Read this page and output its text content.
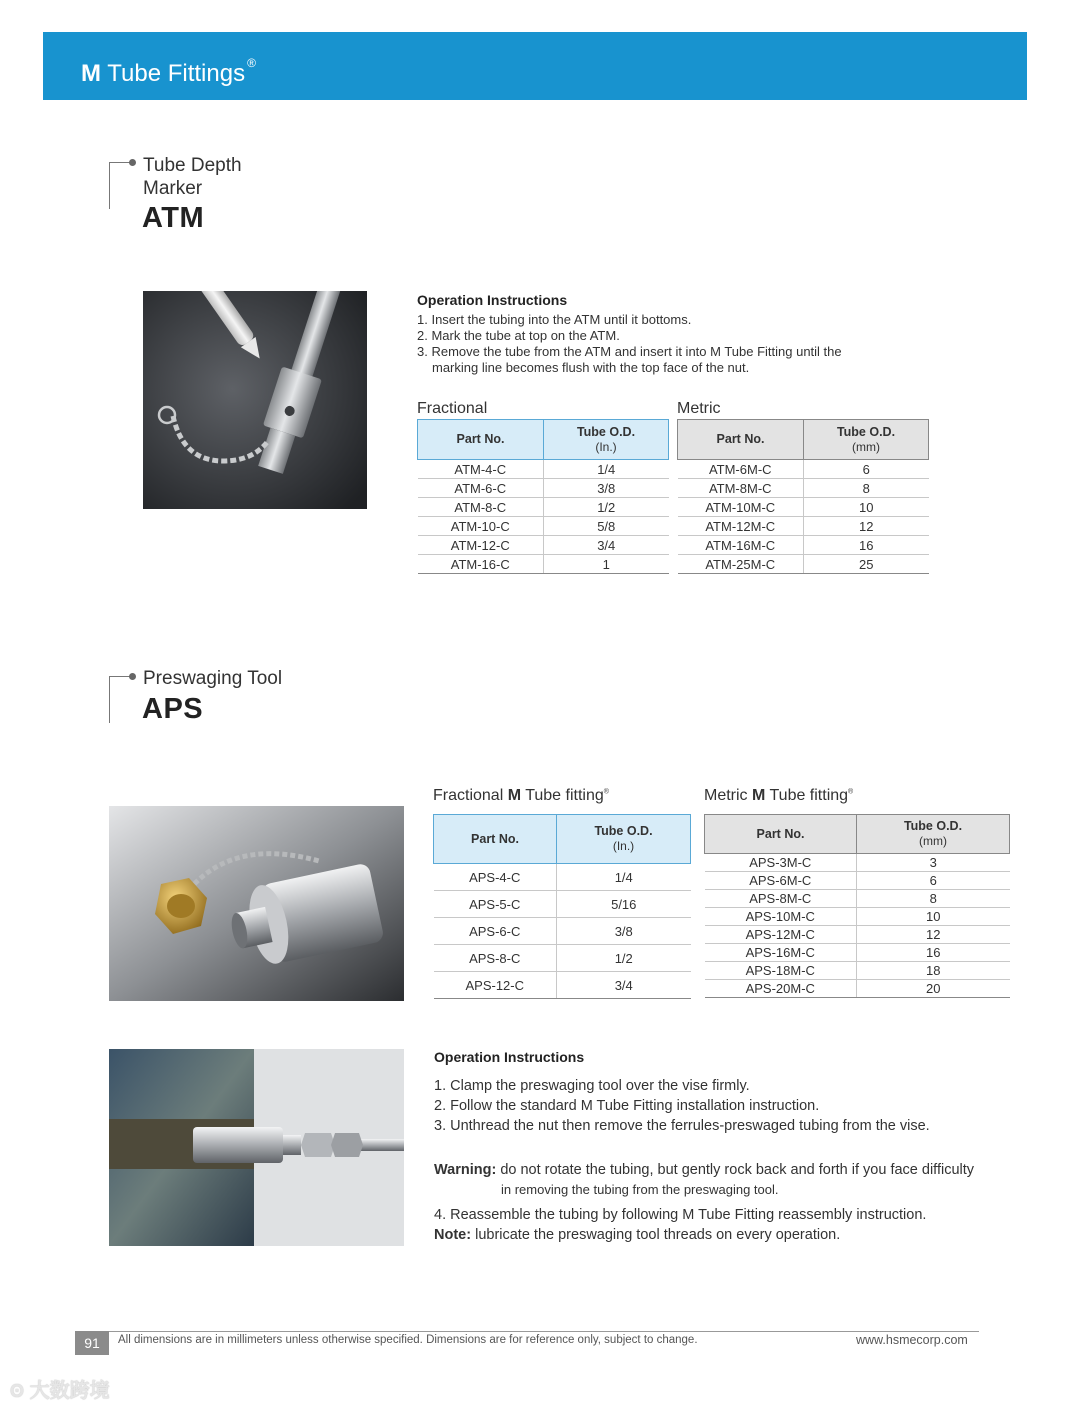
M Tube Fittings ®
Tube Depth
Marker
ATM
Operation Instructions
1. Insert the tubing into the ATM until it bottoms.
2. Mark the tube at top on the ATM.
3. Remove the tube from the ATM and insert it into M Tube Fitting until the
marking line becomes flush with the top face of the nut.
Fractional
Part No.	Tube O.D.
(In.)

ATM-4-C	1/4
ATM-6-C	3/8
ATM-8-C	1/2
ATM-10-C	5/8
ATM-12-C	3/4
ATM-16-C	1
Metric
Part No.	Tube O.D.
(mm)

ATM-6M-C	6
ATM-8M-C	8
ATM-10M-C	10
ATM-12M-C	12
ATM-16M-C	16
ATM-25M-C	25
Preswaging Tool
APS
Fractional M Tube fitting®
Part No.	Tube O.D.
(In.)

APS-4-C	1/4
APS-5-C	5/16
APS-6-C	3/8
APS-8-C	1/2
APS-12-C	3/4
Metric M Tube fitting®
Part No.	Tube O.D.
(mm)

APS-3M-C	3
APS-6M-C	6
APS-8M-C	8
APS-10M-C	10
APS-12M-C	12
APS-16M-C	16
APS-18M-C	18
APS-20M-C	20
Operation Instructions
1. Clamp the preswaging tool over the vise firmly.
2. Follow the standard M Tube Fitting installation instruction.
3. Unthread the nut then remove the ferrules-preswaged tubing from the vise.
Warning: do not rotate the tubing, but gently rock back and forth if you face difficulty
in removing the tubing from the preswaging tool.
4. Reassemble the tubing by following M Tube Fitting reassembly instruction.
Note: lubricate the preswaging tool threads on every operation.
91	All dimensions are in millimeters unless otherwise specified. Dimensions are for reference only, subject to change.	www.hsmecorp.com
ʘ 大数跨境
